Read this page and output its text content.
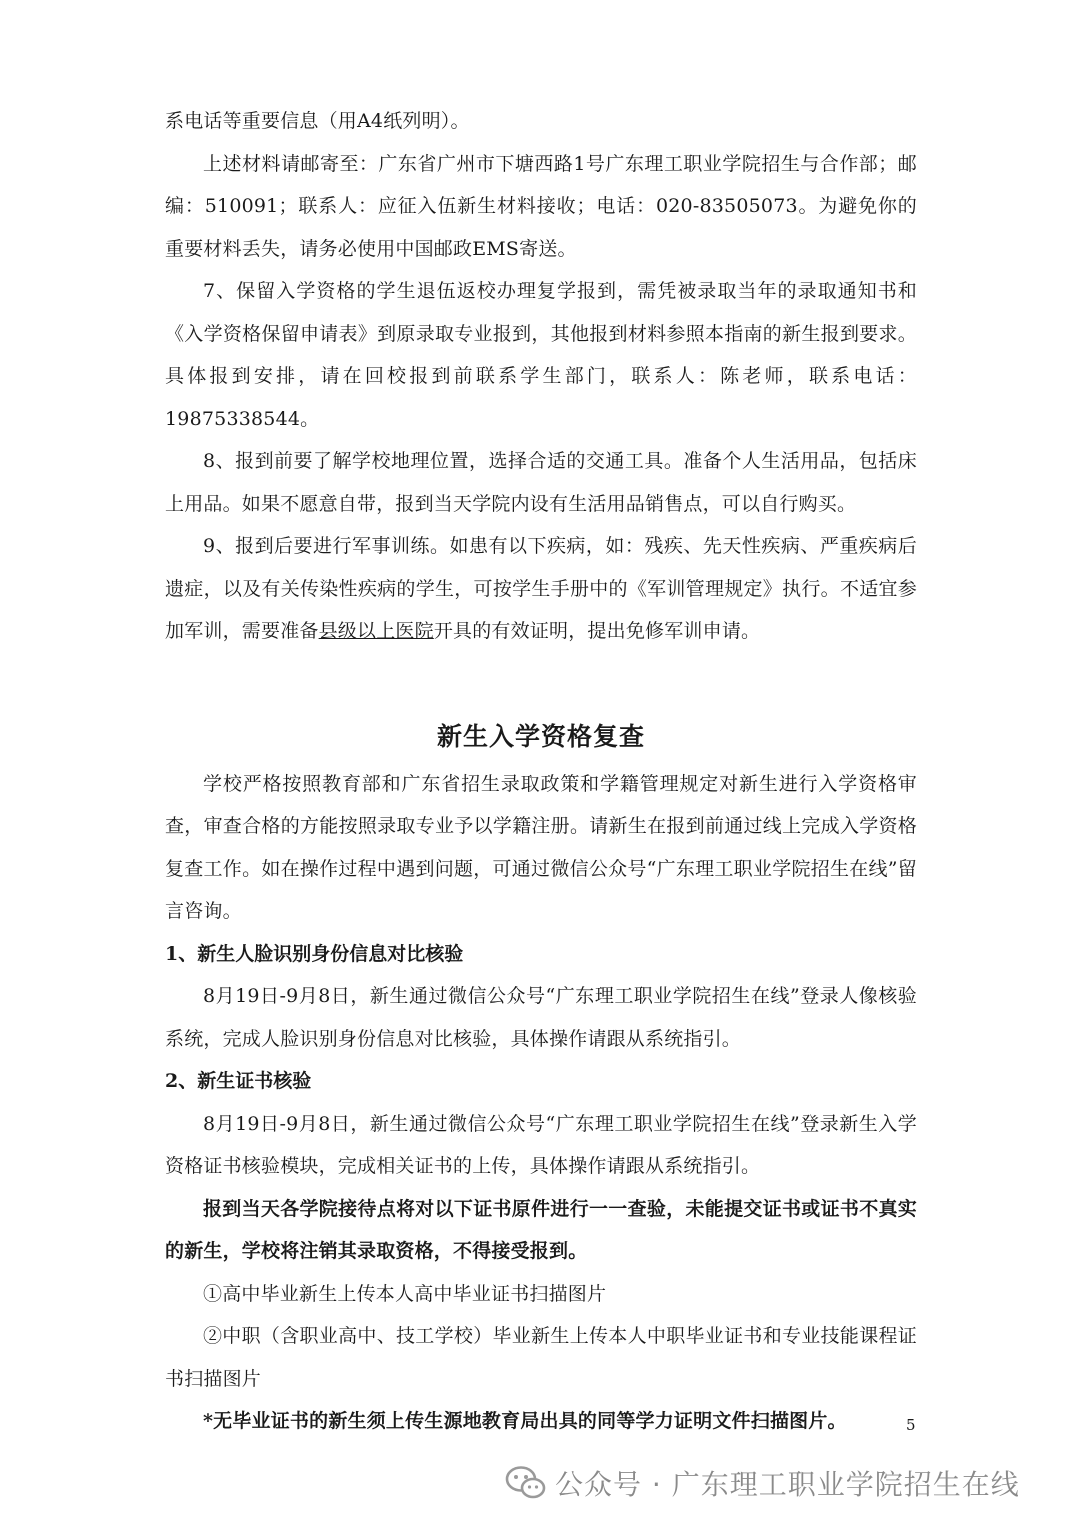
系电话等重要信息（用A4纸列明）。

上述材料请邮寄至：广东省广州市下塘西路1号广东理工职业学院招生与合作部；邮编：510091；联系人：应征入伍新生材料接收；电话：020-83505073。为避免你的重要材料丢失，请务必使用中国邮政EMS寄送。

7、保留入学资格的学生退伍返校办理复学报到，需凭被录取当年的录取通知书和《入学资格保留申请表》到原录取专业报到，其他报到材料参照本指南的新生报到要求。具体报到安排，请在回校报到前联系学生部门，联系人：陈老师，联系电话：19875338544。

8、报到前要了解学校地理位置，选择合适的交通工具。准备个人生活用品，包括床上用品。如果不愿意自带，报到当天学院内设有生活用品销售点，可以自行购买。

9、报到后要进行军事训练。如患有以下疾病，如：残疾、先天性疾病、严重疾病后遗症，以及有关传染性疾病的学生，可按学生手册中的《军训管理规定》执行。不适宜参加军训，需要准备县级以上医院开具的有效证明，提出免修军训申请。

新生入学资格复查

学校严格按照教育部和广东省招生录取政策和学籍管理规定对新生进行入学资格审查，审查合格的方能按照录取专业予以学籍注册。请新生在报到前通过线上完成入学资格复查工作。如在操作过程中遇到问题，可通过微信公众号“广东理工职业学院招生在线”留言咨询。

1、新生人脸识别身份信息对比核验

8月19日-9月8日，新生通过微信公众号“广东理工职业学院招生在线”登录人像核验系统，完成人脸识别身份信息对比核验，具体操作请跟从系统指引。

2、新生证书核验

8月19日-9月8日，新生通过微信公众号“广东理工职业学院招生在线”登录新生入学资格证书核验模块，完成相关证书的上传，具体操作请跟从系统指引。

报到当天各学院接待点将对以下证书原件进行一一查验，未能提交证书或证书不真实的新生，学校将注销其录取资格，不得接受报到。

①高中毕业新生上传本人高中毕业证书扫描图片

②中职（含职业高中、技工学校）毕业新生上传本人中职毕业证书和专业技能课程证书扫描图片

*无毕业证书的新生须上传生源地教育局出具的同等学力证明文件扫描图片。	5
公众号 · 广东理工职业学院招生在线
